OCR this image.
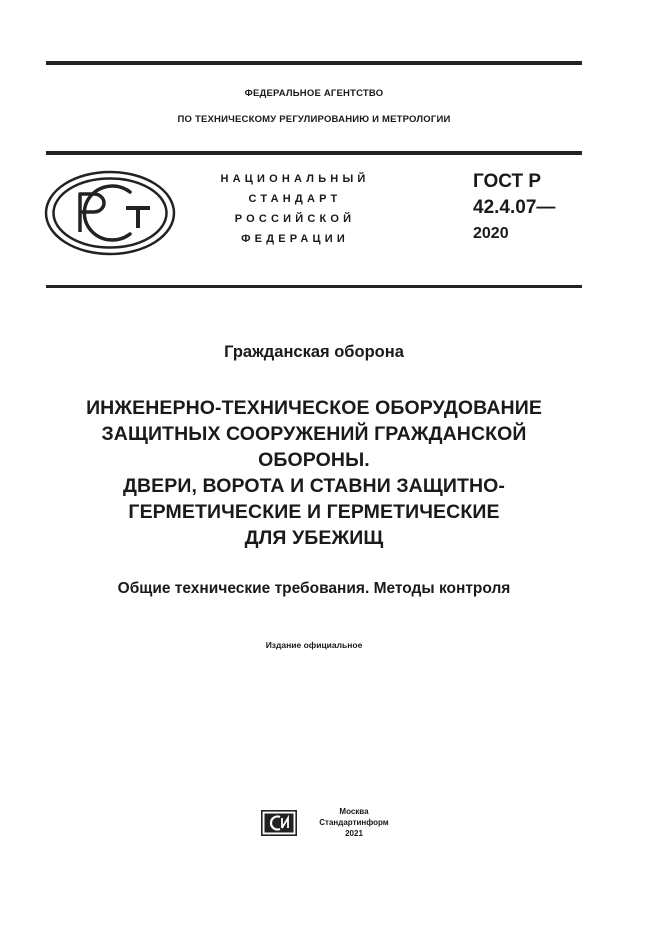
ФЕДЕРАЛЬНОЕ АГЕНТСТВО
ПО ТЕХНИЧЕСКОМУ РЕГУЛИРОВАНИЮ И МЕТРОЛОГИИ
НАЦИОНАЛЬНЫЙ
СТАНДАРТ
РОССИЙСКОЙ
ФЕДЕРАЦИИ
ГОСТ Р
42.4.07—
2020
Гражданская оборона
ИНЖЕНЕРНО-ТЕХНИЧЕСКОЕ ОБОРУДОВАНИЕ
ЗАЩИТНЫХ СООРУЖЕНИЙ ГРАЖДАНСКОЙ
ОБОРОНЫ.
ДВЕРИ, ВОРОТА И СТАВНИ ЗАЩИТНО-
ГЕРМЕТИЧЕСКИЕ И ГЕРМЕТИЧЕСКИЕ
ДЛЯ УБЕЖИЩ
Общие технические требования. Методы контроля
Издание официальное
Москва
Стандартинформ
2021
